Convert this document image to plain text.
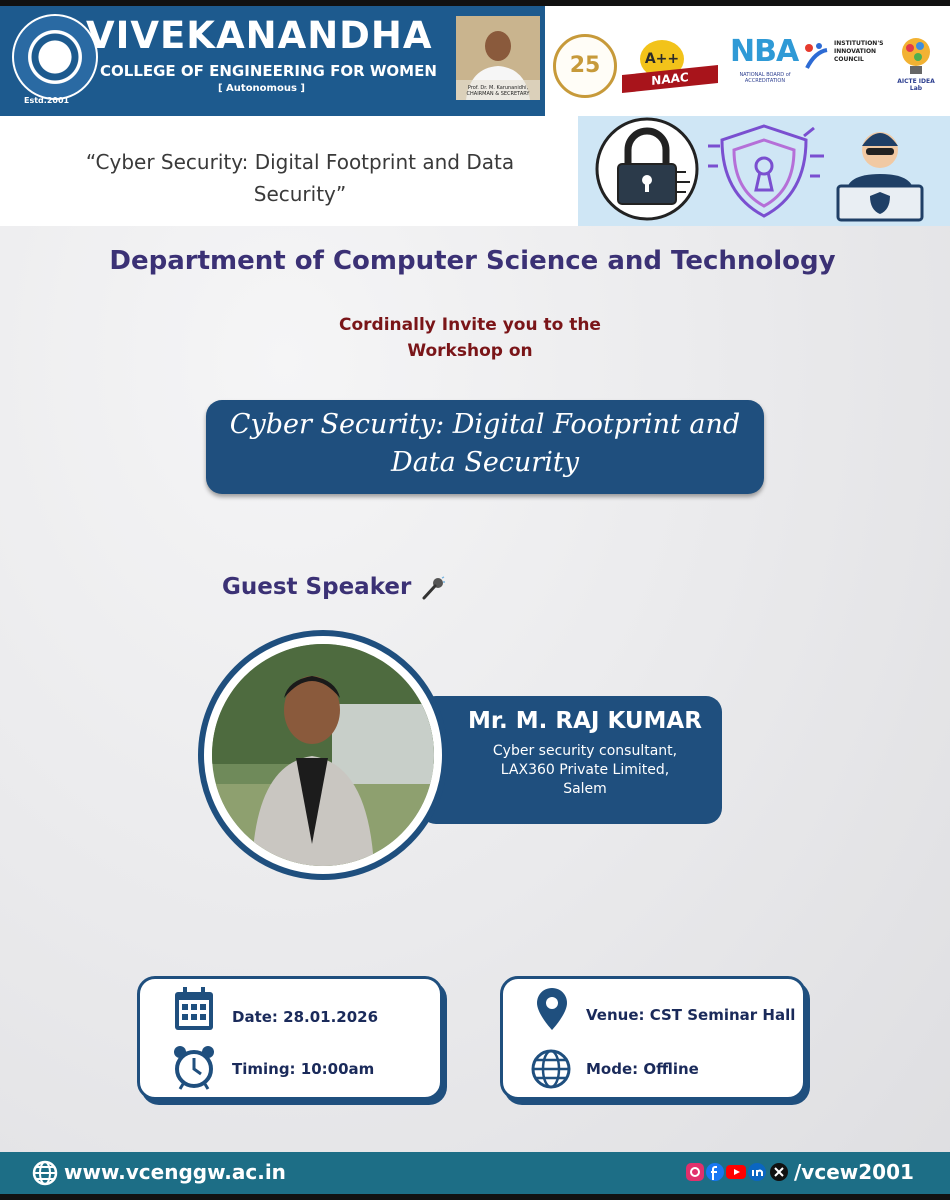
Estd.2001
VIVEKANANDHA
COLLEGE OF ENGINEERING FOR WOMEN
[ Autonomous ]	Prof. Dr. M. Karunanidhi, CHAIRMAN & SECRETARY
25	A++
NAAC
NBA
NATIONAL BOARD of ACCREDITATION
INSTITUTION'S INNOVATION COUNCIL
AICTE IDEA Lab
“Cyber Security: Digital Footprint and Data Security”
Department of Computer Science and Technology
Cordinally Invite you to the
Workshop on
Cyber Security: Digital Footprint and Data Security
Guest Speaker
Mr. M. RAJ KUMAR
Cyber security consultant,
LAX360 Private Limited,
Salem
Date: 28.01.2026
Timing: 10:00am
Venue: CST Seminar Hall
Mode: Offline
www.vcenggw.ac.in	/vcew2001
